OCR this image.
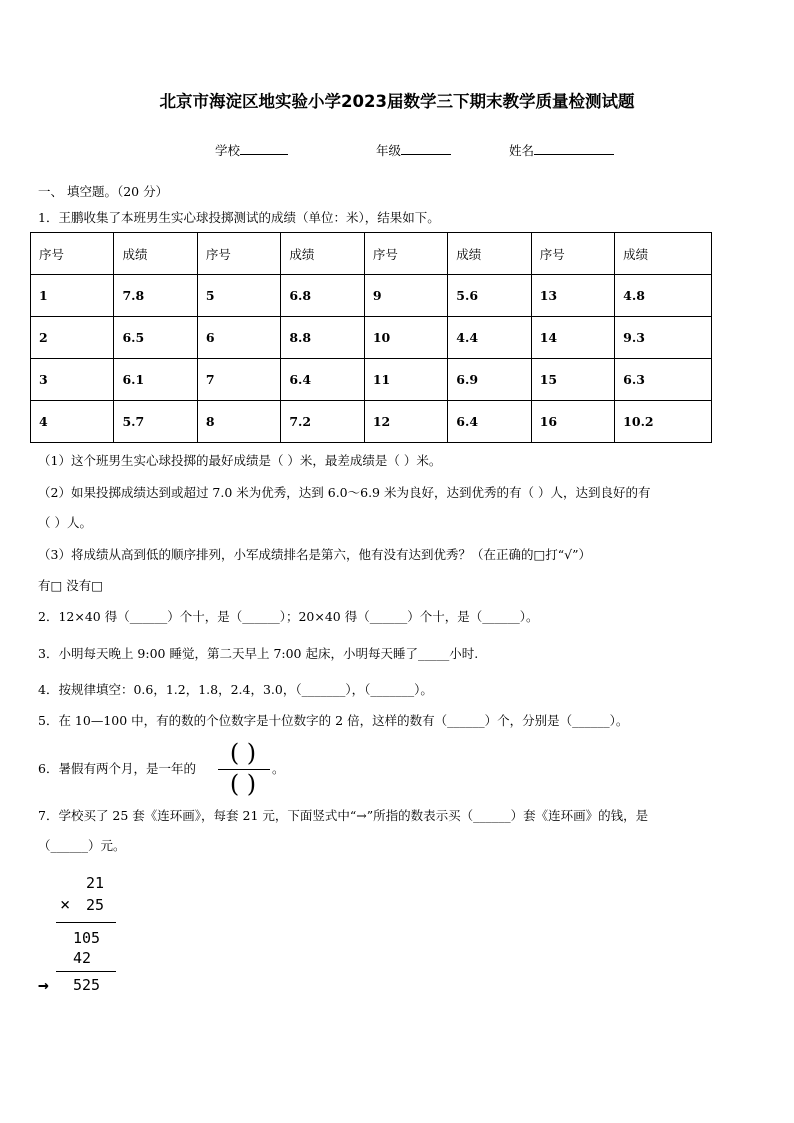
北京市海淀区地实验小学2023届数学三下期末教学质量检测试题
学校	年级	姓名
一、 填空题。（20 分）
1．王鹏收集了本班男生实心球投掷测试的成绩（单位：米），结果如下。
序号	成绩	序号	成绩	序号	成绩	序号	成绩
1	7.8	5	6.8	9	5.6	13	4.8
2	6.5	6	8.8	10	4.4	14	9.3
3	6.1	7	6.4	11	6.9	15	6.3
4	5.7	8	7.2	12	6.4	16	10.2
（1）这个班男生实心球投掷的最好成绩是（ ）米，最差成绩是（ ）米。
（2）如果投掷成绩达到或超过 7.0 米为优秀，达到 6.0～6.9 米为良好，达到优秀的有（ ）人，达到良好的有
（ ）人。
（3）将成绩从高到低的顺序排列，小军成绩排名是第六，他有没有达到优秀？（在正确的□打“√”）
有□ 没有□
2．12×40 得（______）个十，是（______）；20×40 得（______）个十，是（______）。
3．小明每天晚上 9:00 睡觉，第二天早上 7:00 起床，小明每天睡了_____小时.
4．按规律填空：0.6，1.2，1.8，2.4，3.0，（_______），（_______）。
5．在 10—100 中，有的数的个位数字是十位数字的 2 倍，这样的数有（______）个，分别是（______）。
6．暑假有两个月，是一年的
( )
( )
。
7．学校买了 25 套《连环画》，每套 21 元，下面竖式中“→”所指的数表示买（______）套《连环画》的钱，是
（______）元。
21
× 25
105
42
→ 525
